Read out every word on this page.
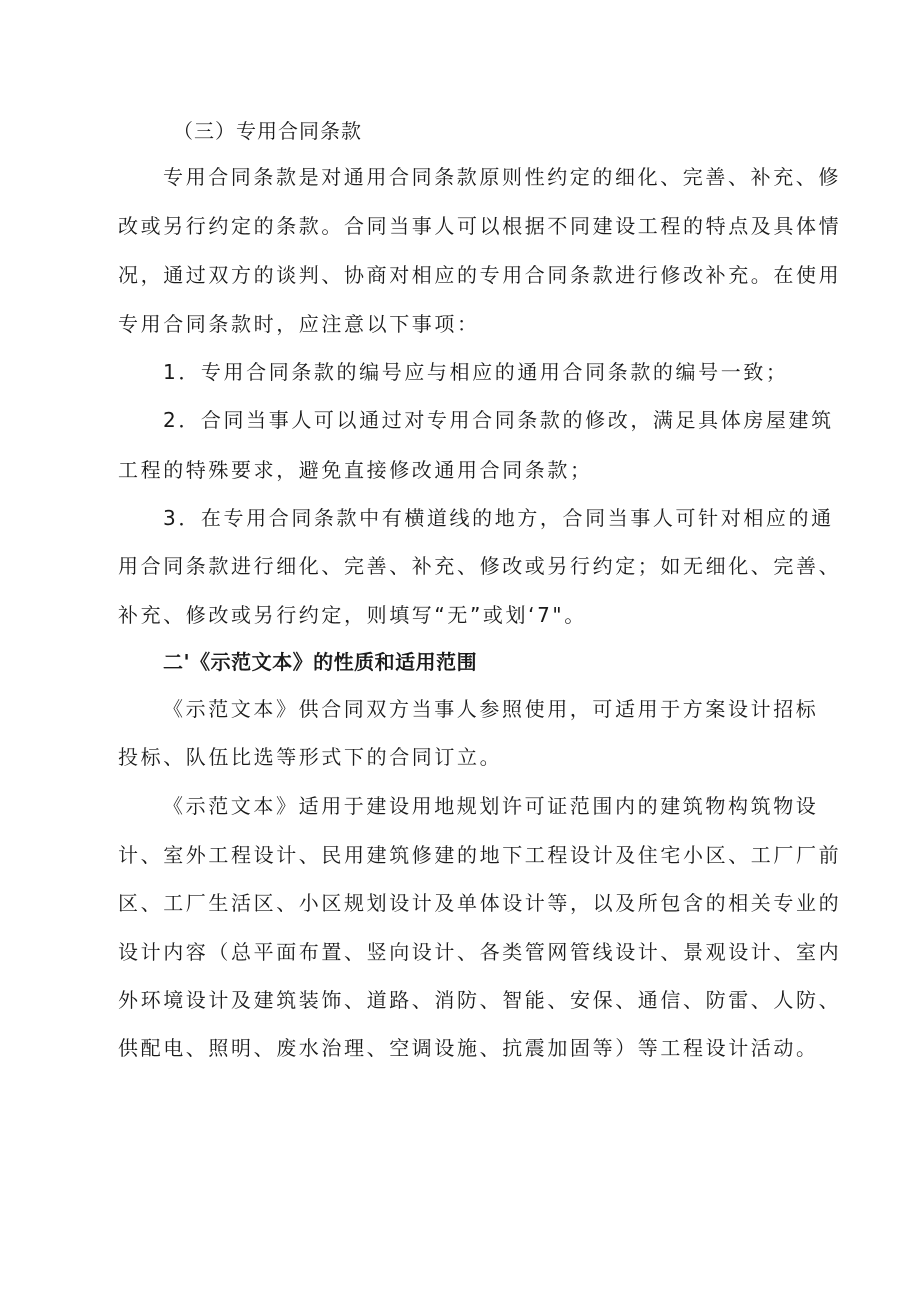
（三）专用合同条款
专用合同条款是对通用合同条款原则性约定的细化、完善、补充、修
改或另行约定的条款。合同当事人可以根据不同建设工程的特点及具体情
况，通过双方的谈判、协商对相应的专用合同条款进行修改补充。在使用
专用合同条款时，应注意以下事项：
1．专用合同条款的编号应与相应的通用合同条款的编号一致；
2．合同当事人可以通过对专用合同条款的修改，满足具体房屋建筑
工程的特殊要求，避免直接修改通用合同条款；
3．在专用合同条款中有横道线的地方，合同当事人可针对相应的通
用合同条款进行细化、完善、补充、修改或另行约定；如无细化、完善、
补充、修改或另行约定，则填写“无”或划‘7"。
二'《示范文本》的性质和适用范围
《示范文本》供合同双方当事人参照使用，可适用于方案设计招标
投标、队伍比选等形式下的合同订立。
《示范文本》适用于建设用地规划许可证范围内的建筑物构筑物设
计、室外工程设计、民用建筑修建的地下工程设计及住宅小区、工厂厂前
区、工厂生活区、小区规划设计及单体设计等，以及所包含的相关专业的
设计内容（总平面布置、竖向设计、各类管网管线设计、景观设计、室内
外环境设计及建筑装饰、道路、消防、智能、安保、通信、防雷、人防、
供配电、照明、废水治理、空调设施、抗震加固等）等工程设计活动。
